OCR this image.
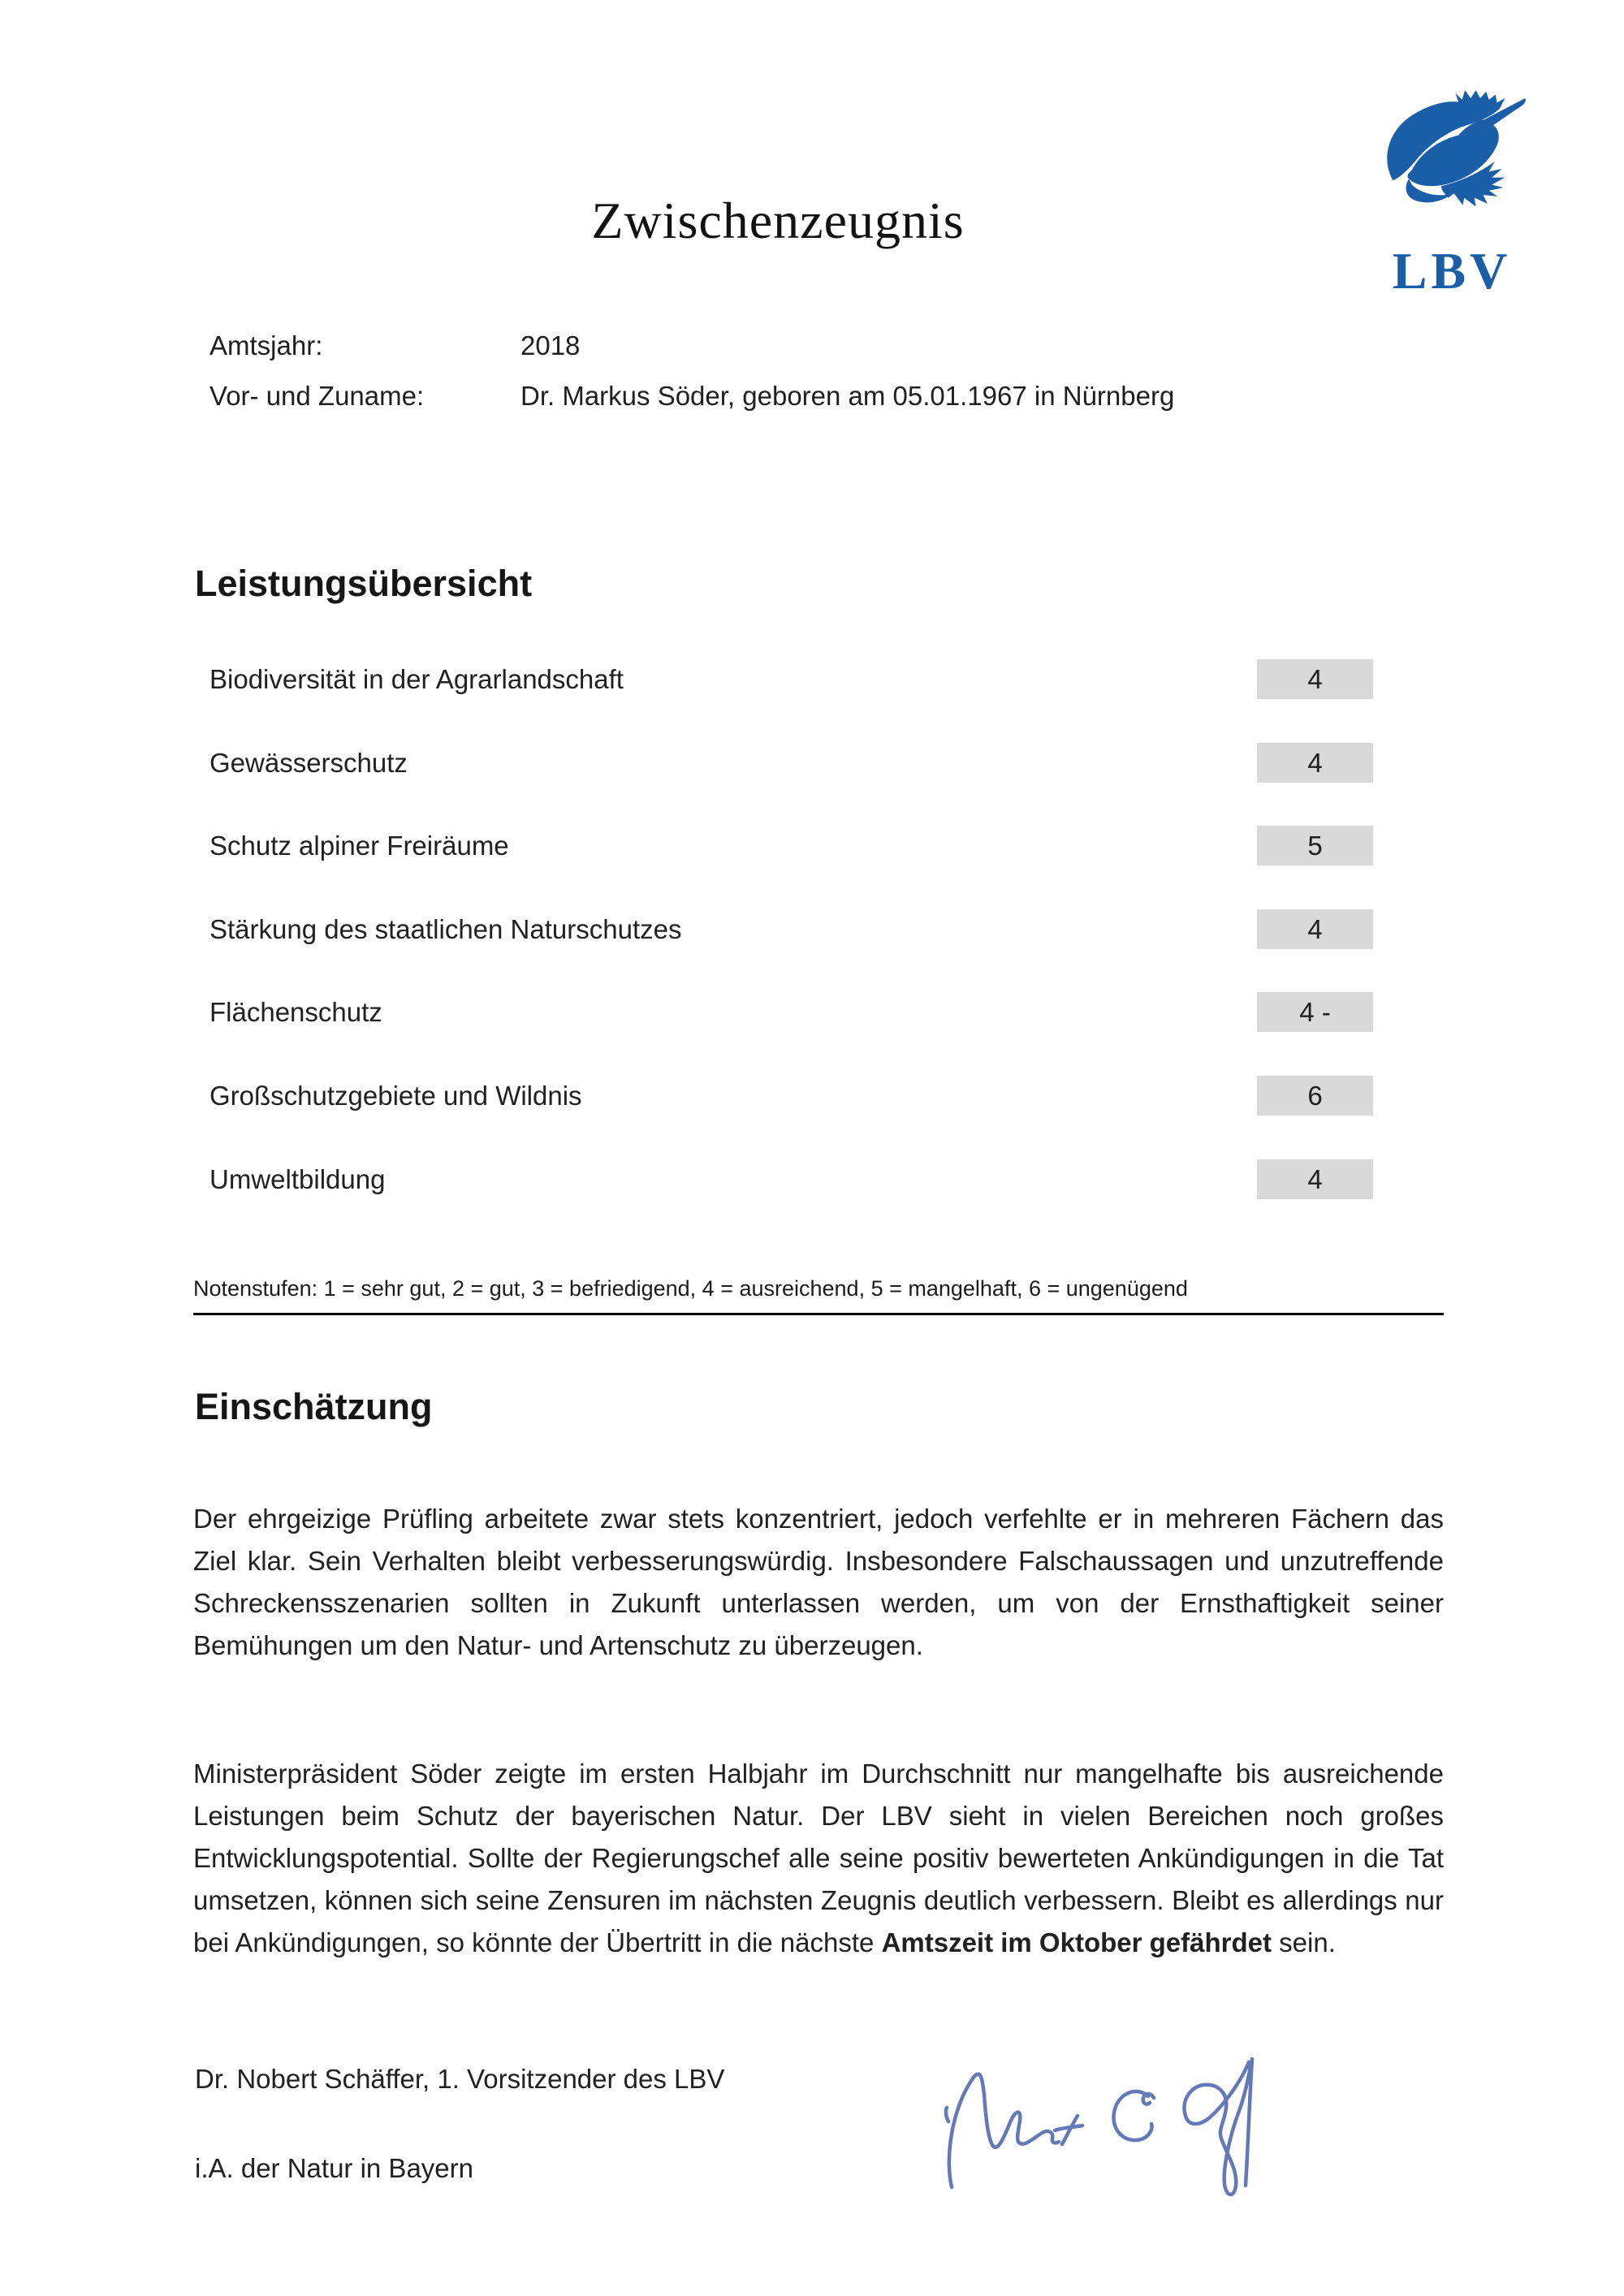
Zwischenzeugnis
LBV
Amtsjahr:	2018
Vor- und Zuname:	Dr. Markus Söder, geboren am 05.01.1967 in Nürnberg
Leistungsübersicht
Biodiversität in der Agrarlandschaft	4
Gewässerschutz	4
Schutz alpiner Freiräume	5
Stärkung des staatlichen Naturschutzes	4
Flächenschutz	4 -
Großschutzgebiete und Wildnis	6
Umweltbildung	4
Notenstufen: 1 = sehr gut, 2 = gut, 3 = befriedigend, 4 = ausreichend, 5 = mangelhaft, 6 = ungenügend
Einschätzung

Der ehrgeizige Prüfling arbeitete zwar stets konzentriert, jedoch verfehlte er in mehreren Fächern das Ziel klar. Sein Verhalten bleibt verbesserungswürdig. Insbesondere Falschaussagen und unzutreffende Schreckensszenarien sollten in Zukunft unterlassen werden, um von der Ernsthaftigkeit seiner Bemühungen um den Natur- und Artenschutz zu überzeugen.

Ministerpräsident Söder zeigte im ersten Halbjahr im Durchschnitt nur mangelhafte bis ausreichende Leistungen beim Schutz der bayerischen Natur. Der LBV sieht in vielen Bereichen noch großes Entwicklungspotential. Sollte der Regierungschef alle seine positiv bewerteten Ankündigungen in die Tat umsetzen, können sich seine Zensuren im nächsten Zeugnis deutlich verbessern. Bleibt es allerdings nur bei Ankündigungen, so könnte der Übertritt in die nächste Amtszeit im Oktober gefährdet sein.

Dr. Nobert Schäffer, 1. Vorsitzender des LBV
i.A. der Natur in Bayern
